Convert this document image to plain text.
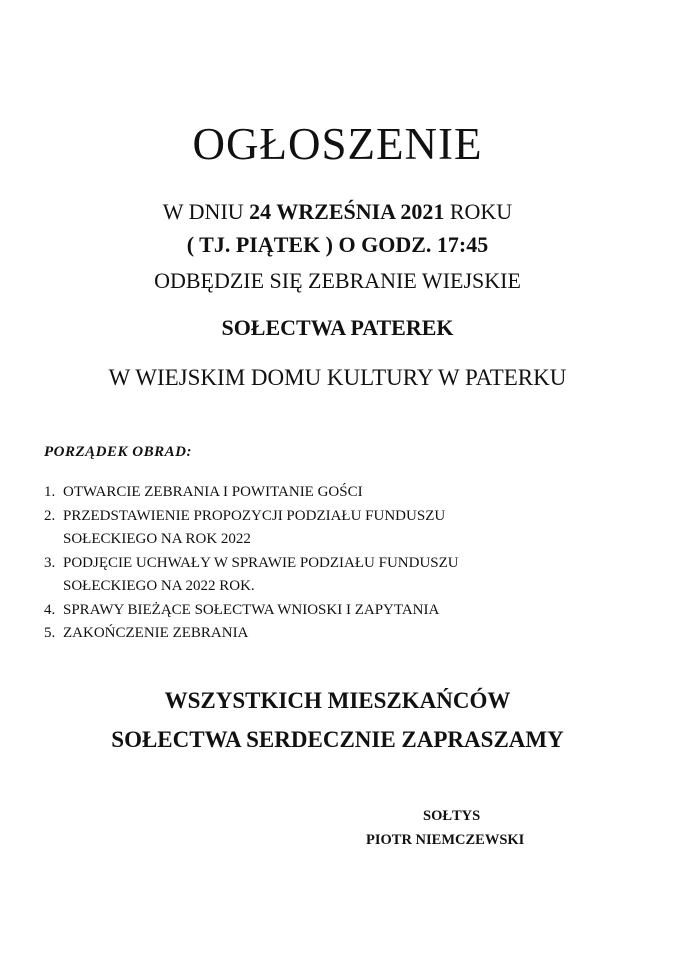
OGŁOSZENIE
W DNIU 24 WRZEŚNIA 2021 ROKU
( TJ. PIĄTEK ) O GODZ. 17:45
ODBĘDZIE SIĘ ZEBRANIE WIEJSKIE
SOŁECTWA PATEREK
W WIEJSKIM DOMU KULTURY W PATERKU
PORZĄDEK OBRAD:
1. OTWARCIE ZEBRANIA I POWITANIE GOŚCI
2. PRZEDSTAWIENIE PROPOZYCJI PODZIAŁU FUNDUSZU
SOŁECKIEGO NA ROK 2022
3. PODJĘCIE UCHWAŁY W SPRAWIE PODZIAŁU FUNDUSZU
SOŁECKIEGO NA 2022 ROK.
4. SPRAWY BIEŻĄCE SOŁECTWA WNIOSKI I ZAPYTANIA
5. ZAKOŃCZENIE ZEBRANIA
WSZYSTKICH MIESZKAŃCÓW
SOŁECTWA SERDECZNIE ZAPRASZAMY
SOŁTYS
PIOTR NIEMCZEWSKI
